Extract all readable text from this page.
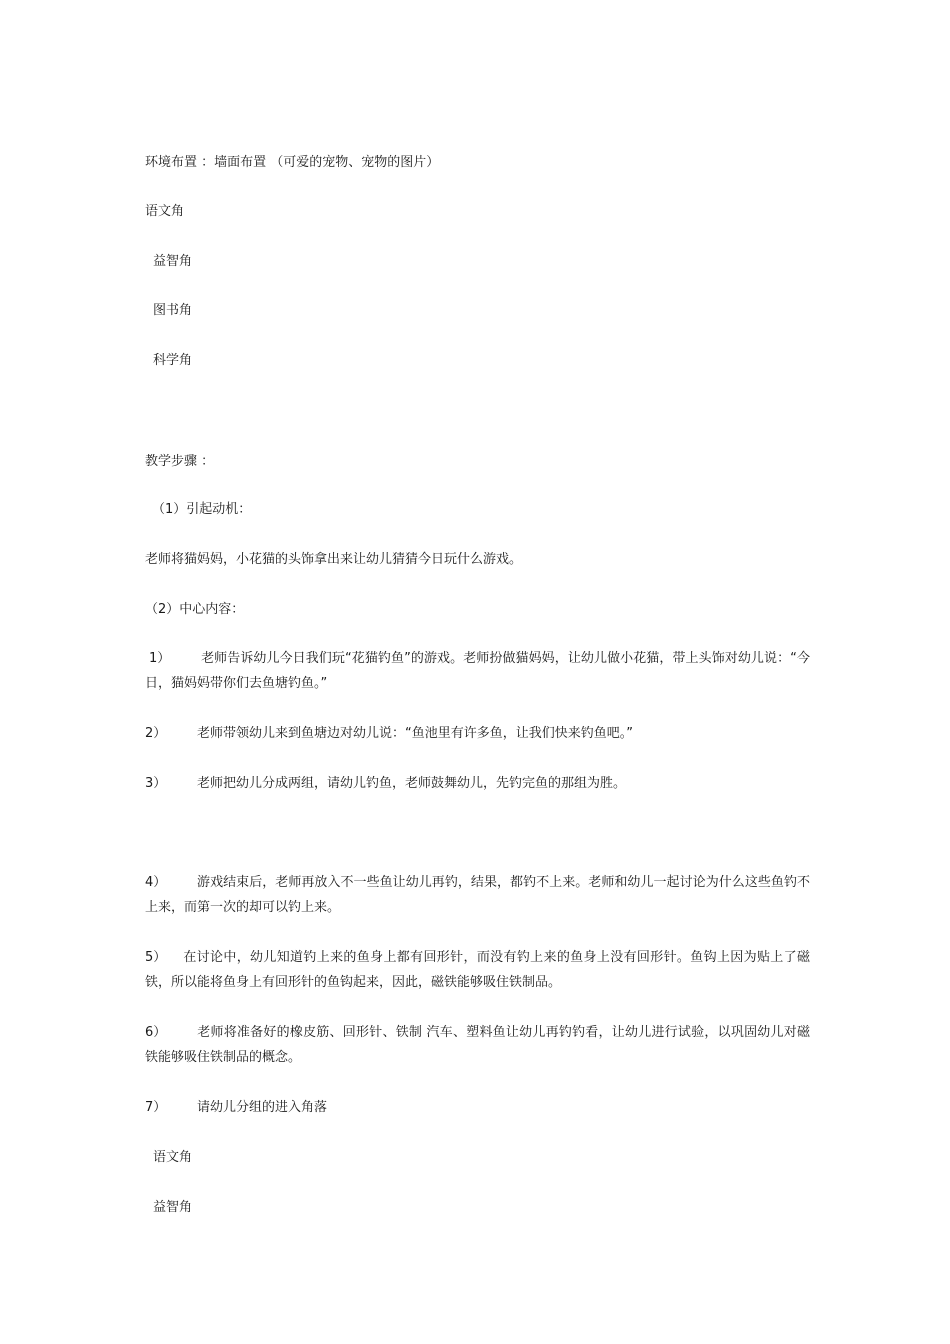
环境布置 ：墙面布置 （可爱的宠物、宠物的图片）
语文角
益智角
图书角
科学角
教学步骤 ：
（1）引起动机：
老师将猫妈妈，小花猫的头饰拿出来让幼儿猜猜今日玩什么游戏。
（2）中心内容：
1） 老师告诉幼儿今日我们玩“花猫钓鱼”的游戏。老师扮做猫妈妈，让幼儿做小花猫，带上头饰对幼儿说：“今日，猫妈妈带你们去鱼塘钓鱼。”
2） 老师带领幼儿来到鱼塘边对幼儿说：“鱼池里有许多鱼，让我们快来钓鱼吧。”
3） 老师把幼儿分成两组，请幼儿钓鱼，老师鼓舞幼儿，先钓完鱼的那组为胜。
4） 游戏结束后，老师再放入不一些鱼让幼儿再钓，结果，都钓不上来。老师和幼儿一起讨论为什么这些鱼钓不上来，而第一次的却可以钓上来。
5） 在讨论中，幼儿知道钓上来的鱼身上都有回形针，而没有钓上来的鱼身上没有回形针。鱼钩上因为贴上了磁铁，所以能将鱼身上有回形针的鱼钩起来，因此，磁铁能够吸住铁制品。
6） 老师将准备好的橡皮筋、回形针、铁制 汽车、塑料鱼让幼儿再钓钓看，让幼儿进行试验，以巩固幼儿对磁铁能够吸住铁制品的概念。
7） 请幼儿分组的进入角落
语文角
益智角
